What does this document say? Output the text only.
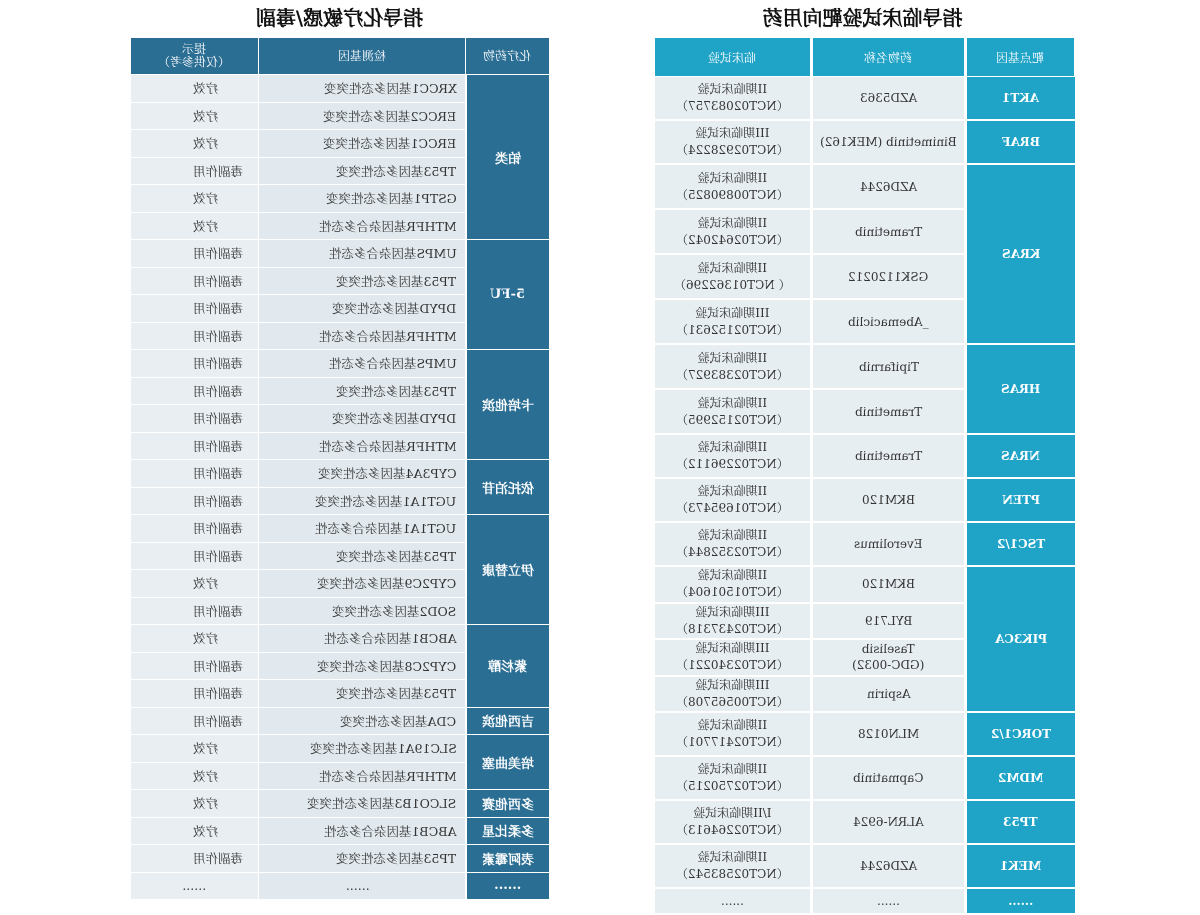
指导化疗敏感/毒副
提示
（仅供参考）	检测基因	化疗药物
疗效	XRCC1基因多态性突变	铂类
疗效	ERCC2基因多态性突变	
疗效	ERCC1基因多态性突变	
毒副作用	TP53基因多态性突变	
疗效	GSTP1基因多态性突变	
疗效	MTHFR基因杂合多态性	
毒副作用	UMPS基因杂合多态性	5-FU
毒副作用	TP53基因多态性突变	
毒副作用	DPYD基因多态性突变	
毒副作用	MTHFR基因杂合多态性	
毒副作用	UMPS基因杂合多态性	卡培他滨
毒副作用	TP53基因多态性突变	
毒副作用	DPYD基因多态性突变	
毒副作用	MTHFR基因杂合多态性	
毒副作用	CYP3A4基因多态性突变	依托泊苷
毒副作用	UGT1A1基因多态性突变	
毒副作用	UGT1A1基因杂合多态性	伊立替康
毒副作用	TP53基因多态性突变	
疗效	CYP2C9基因多态性突变	
毒副作用	SOD2基因多态性突变	
疗效	ABCB1基因杂合多态性	紫杉醇
毒副作用	CYP2C8基因多态性突变	
毒副作用	TP53基因多态性突变	
毒副作用	CDA基因多态性突变	吉西他滨
疗效	SLC19A1基因多态性突变	培美曲塞
疗效	MTHFR基因杂合多态性	
疗效	SLCO1B3基因多态性突变	多西他赛
疗效	ABCB1基因杂合多态性	多柔比星
毒副作用	TP53基因多态性突变	表阿霉素
......	......	......
指导临床试验靶向用药
临床试验	药物名称	靶点基因
II期临床试验
（NCT02083757）	AZD5363	AKT1
III期临床试验
（NCT02928224）	Binimetinib (MEK162)	BRAF
II期临床试验
（NCT00890825）	AZD6244	KRAS
II期临床试验
（NCT02642042）	Trametinib	
II期临床试验
（ NCT01362296）	GSK1120212	
III期临床试验
（NCT02152631）	_Abemaciclib	
II期临床试验
（NCT02383927）	Tipifarnib	HRAS
II期临床试验
（NCT02152995）	Trametinib	
II期临床试验
（NCT02296112）	Trametinib	NRAS
II期临床试验
（NCT01695473）	BKM120	PTEN
II期临床试验
（NCT02352844）	Everolimus	TSC1/2
II期临床试验
（NCT01501604）	BKM120	PIK3CA
III期临床试验
（NCT02437318）	BYL719	
III期临床试验
（NCT02340221）	Taselisib
(GDC-0032)	
III期临床试验
（NCT00565708）	Aspirin	
II期临床试验
（NCT02417701）	MLN0128	TORC1/2
II期临床试验
（NCT02750215）	Capmatinib	MDM2
I/II期临床试验
（NCT02264613）	ALRN-6924	TP53
II期临床试验
（NCT02583542）	AZD6244	MEK1
......	......	......
